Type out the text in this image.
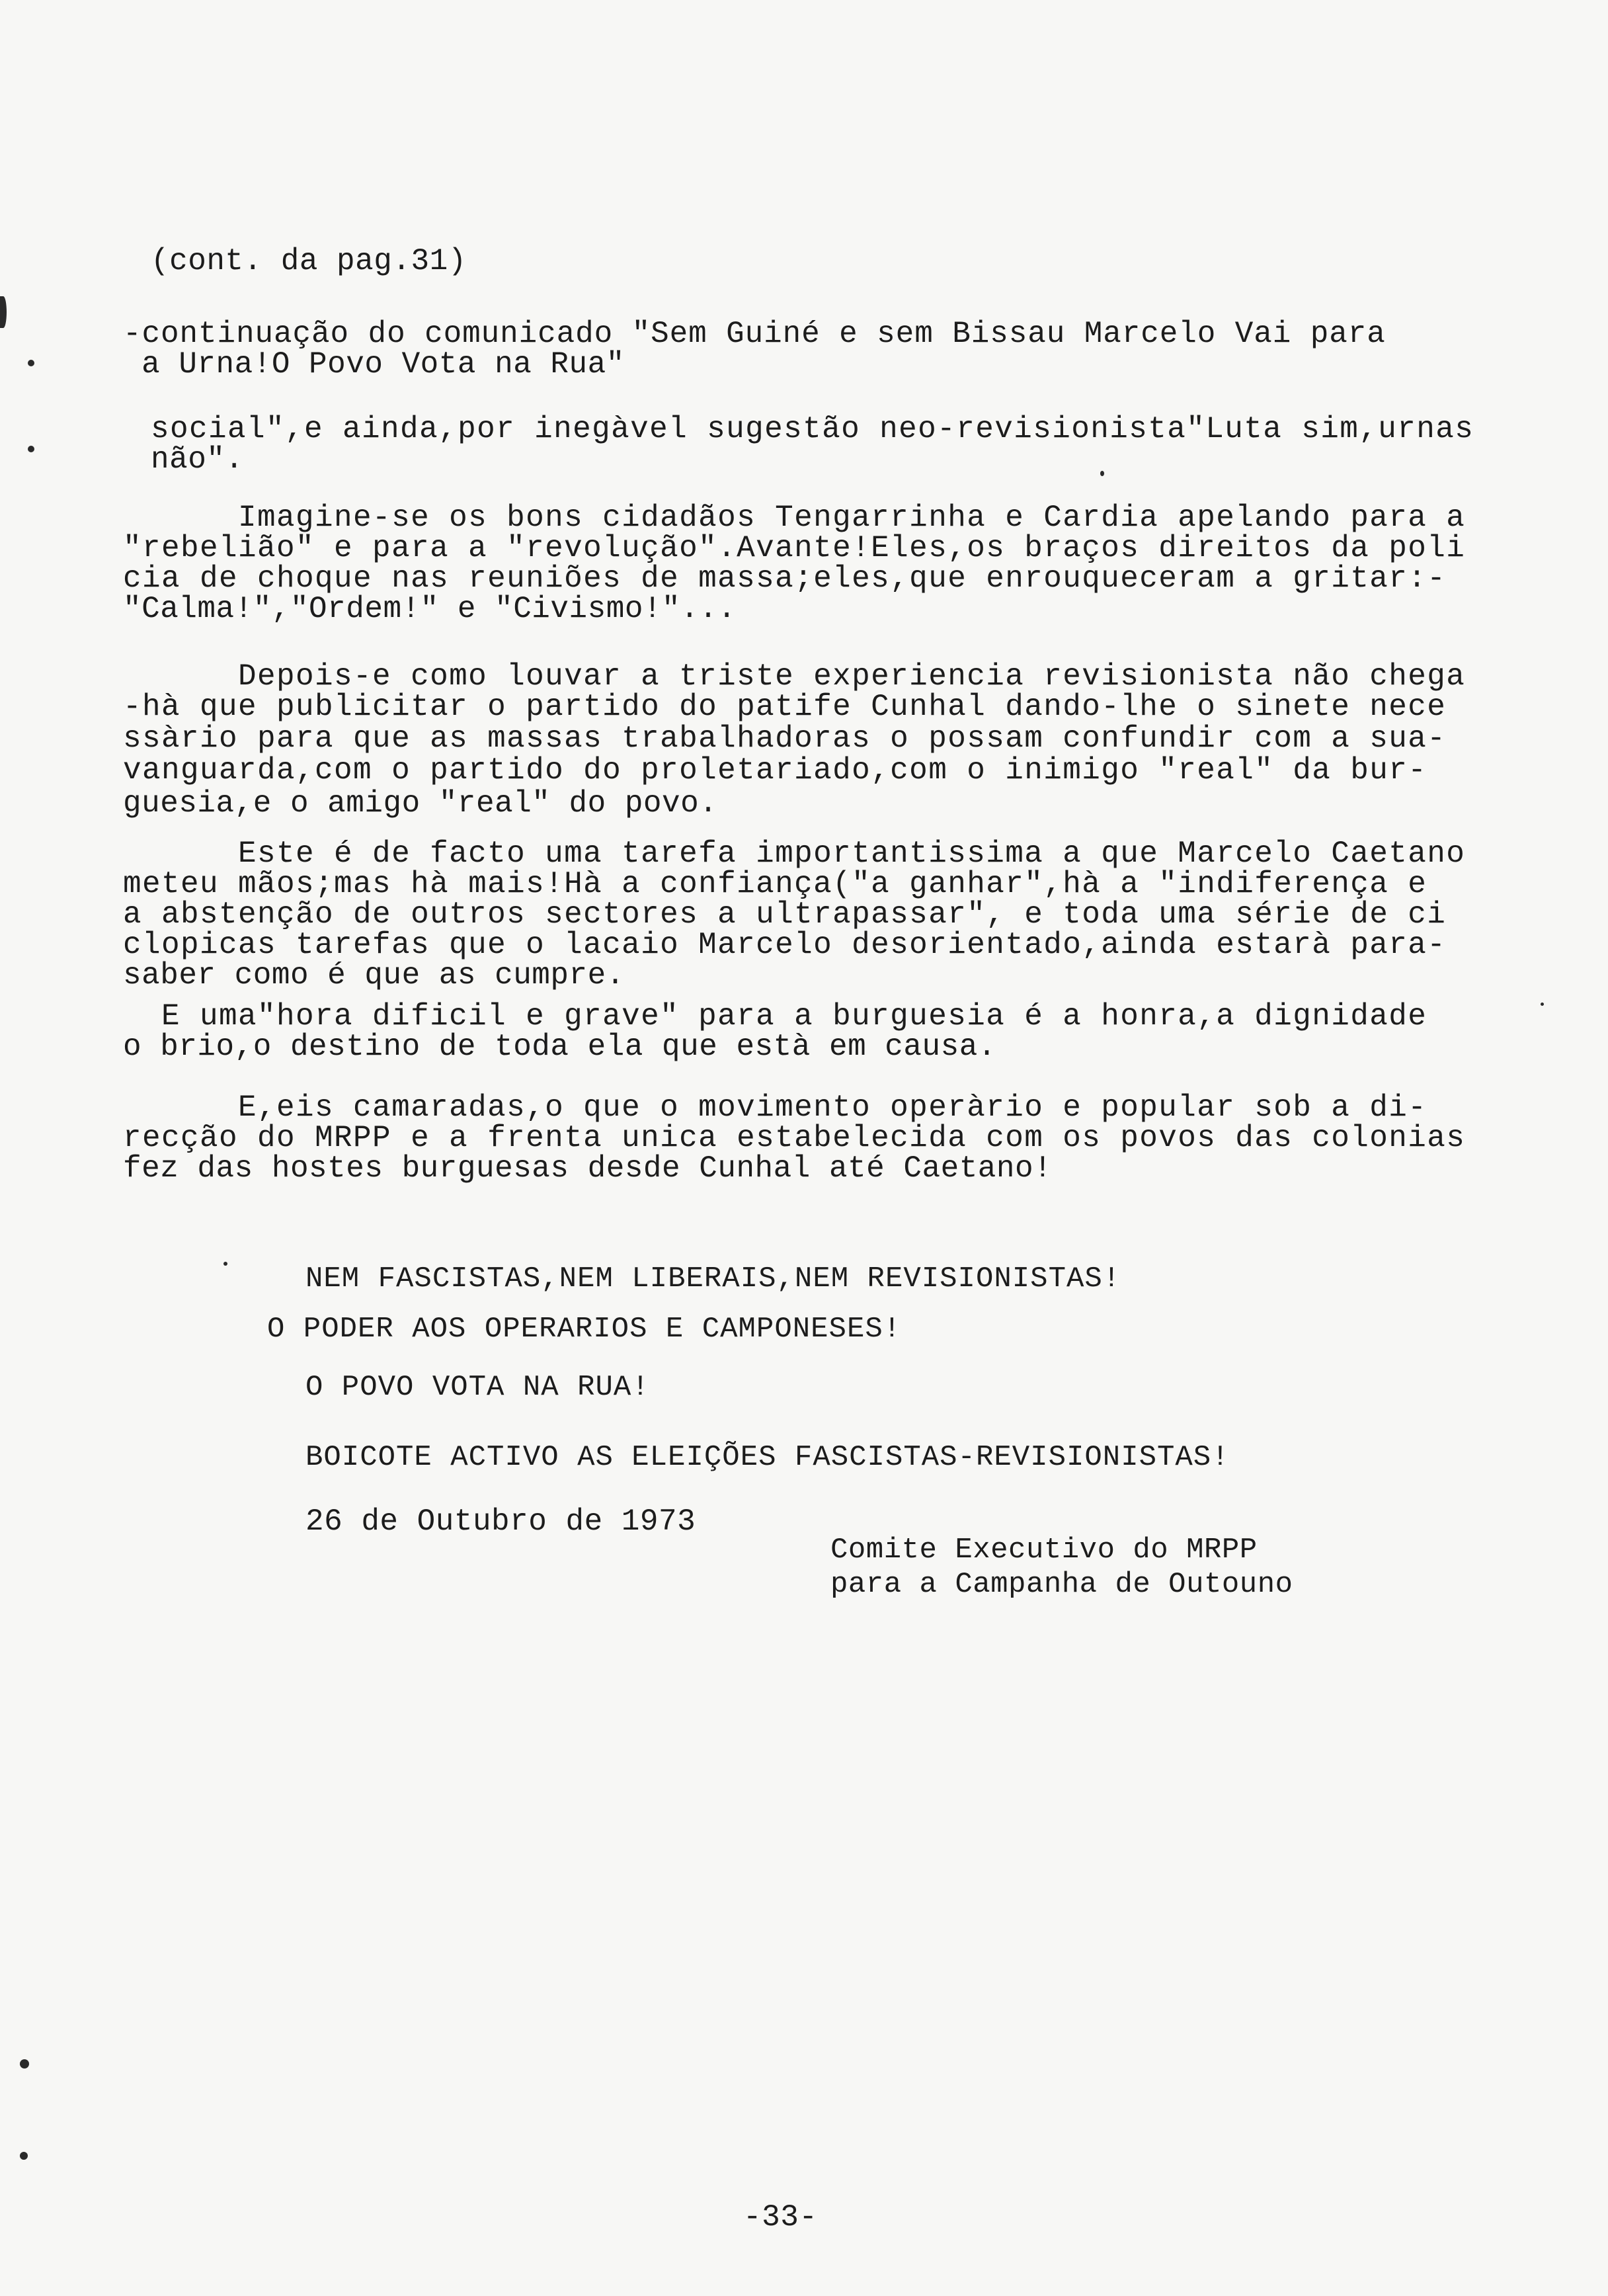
(cont. da pag.31)
-continuação do comunicado "Sem Guiné e sem Bissau Marcelo Vai para
a Urna!O Povo Vota na Rua"
social",e ainda,por inegàvel sugestão neo-revisionista"Luta sim,urnas
não".
Imagine-se os bons cidadãos Tengarrinha e Cardia apelando para a
"rebelião" e para a "revolução".Avante!Eles,os braços direitos da poli
cia de choque nas reuniões de massa;eles,que enrouqueceram a gritar:-
"Calma!","Ordem!" e "Civismo!"...
Depois-e como louvar a triste experiencia revisionista não chega
-hà que publicitar o partido do patife Cunhal dando-lhe o sinete nece
ssàrio para que as massas trabalhadoras o possam confundir com a sua-
vanguarda,com o partido do proletariado,com o inimigo "real" da bur-
guesia,e o amigo "real" do povo.
Este é de facto uma tarefa importantissima a que Marcelo Caetano
meteu mãos;mas hà mais!Hà a confiança("a ganhar",hà a "indiferença e
a abstenção de outros sectores a ultrapassar", e toda uma série de ci
clopicas tarefas que o lacaio Marcelo desorientado,ainda estarà para-
saber como é que as cumpre.
E uma"hora dificil e grave" para a burguesia é a honra,a dignidade
o brio,o destino de toda ela que està em causa.
E,eis camaradas,o que o movimento operàrio e popular sob a di-
recção do MRPP e a frenta unica estabelecida com os povos das colonias
fez das hostes burguesas desde Cunhal até Caetano!
NEM FASCISTAS,NEM LIBERAIS,NEM REVISIONISTAS!
O PODER AOS OPERARIOS E CAMPONESES!
O POVO VOTA NA RUA!
BOICOTE ACTIVO AS ELEIÇÕES FASCISTAS-REVISIONISTAS!
26 de Outubro de 1973
Comite Executivo do MRPP
para a Campanha de Outouno
-33-
